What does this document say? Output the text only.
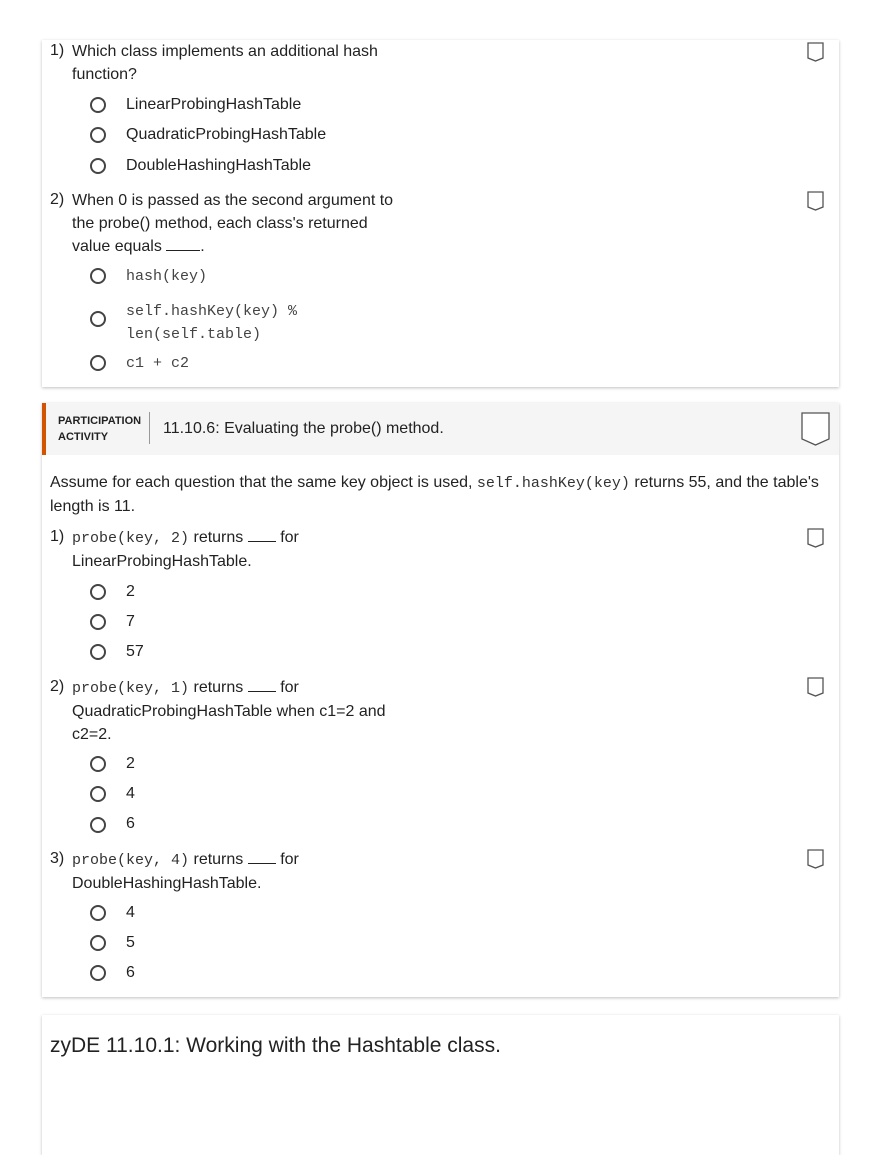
1) Which class implements an additional hash
function?
LinearProbingHashTable
QuadraticProbingHashTable
DoubleHashingHashTable
2) When 0 is passed as the second argument to
the probe() method, each class's returned
value equals .
hash(key)
self.hashKey(key) %
len(self.table)
c1 + c2
PARTICIPATION
ACTIVITY	11.10.6: Evaluating the probe() method.
Assume for each question that the same key object is used, self.hashKey(key) returns 55, and the table's
length is 11.
1) probe(key, 2) returns for
LinearProbingHashTable.
2
7
57
2) probe(key, 1) returns for
QuadraticProbingHashTable when c1=2 and
c2=2.
2
4
6
3) probe(key, 4) returns for
DoubleHashingHashTable.
4
5
6
zyDE 11.10.1: Working with the Hashtable class.
